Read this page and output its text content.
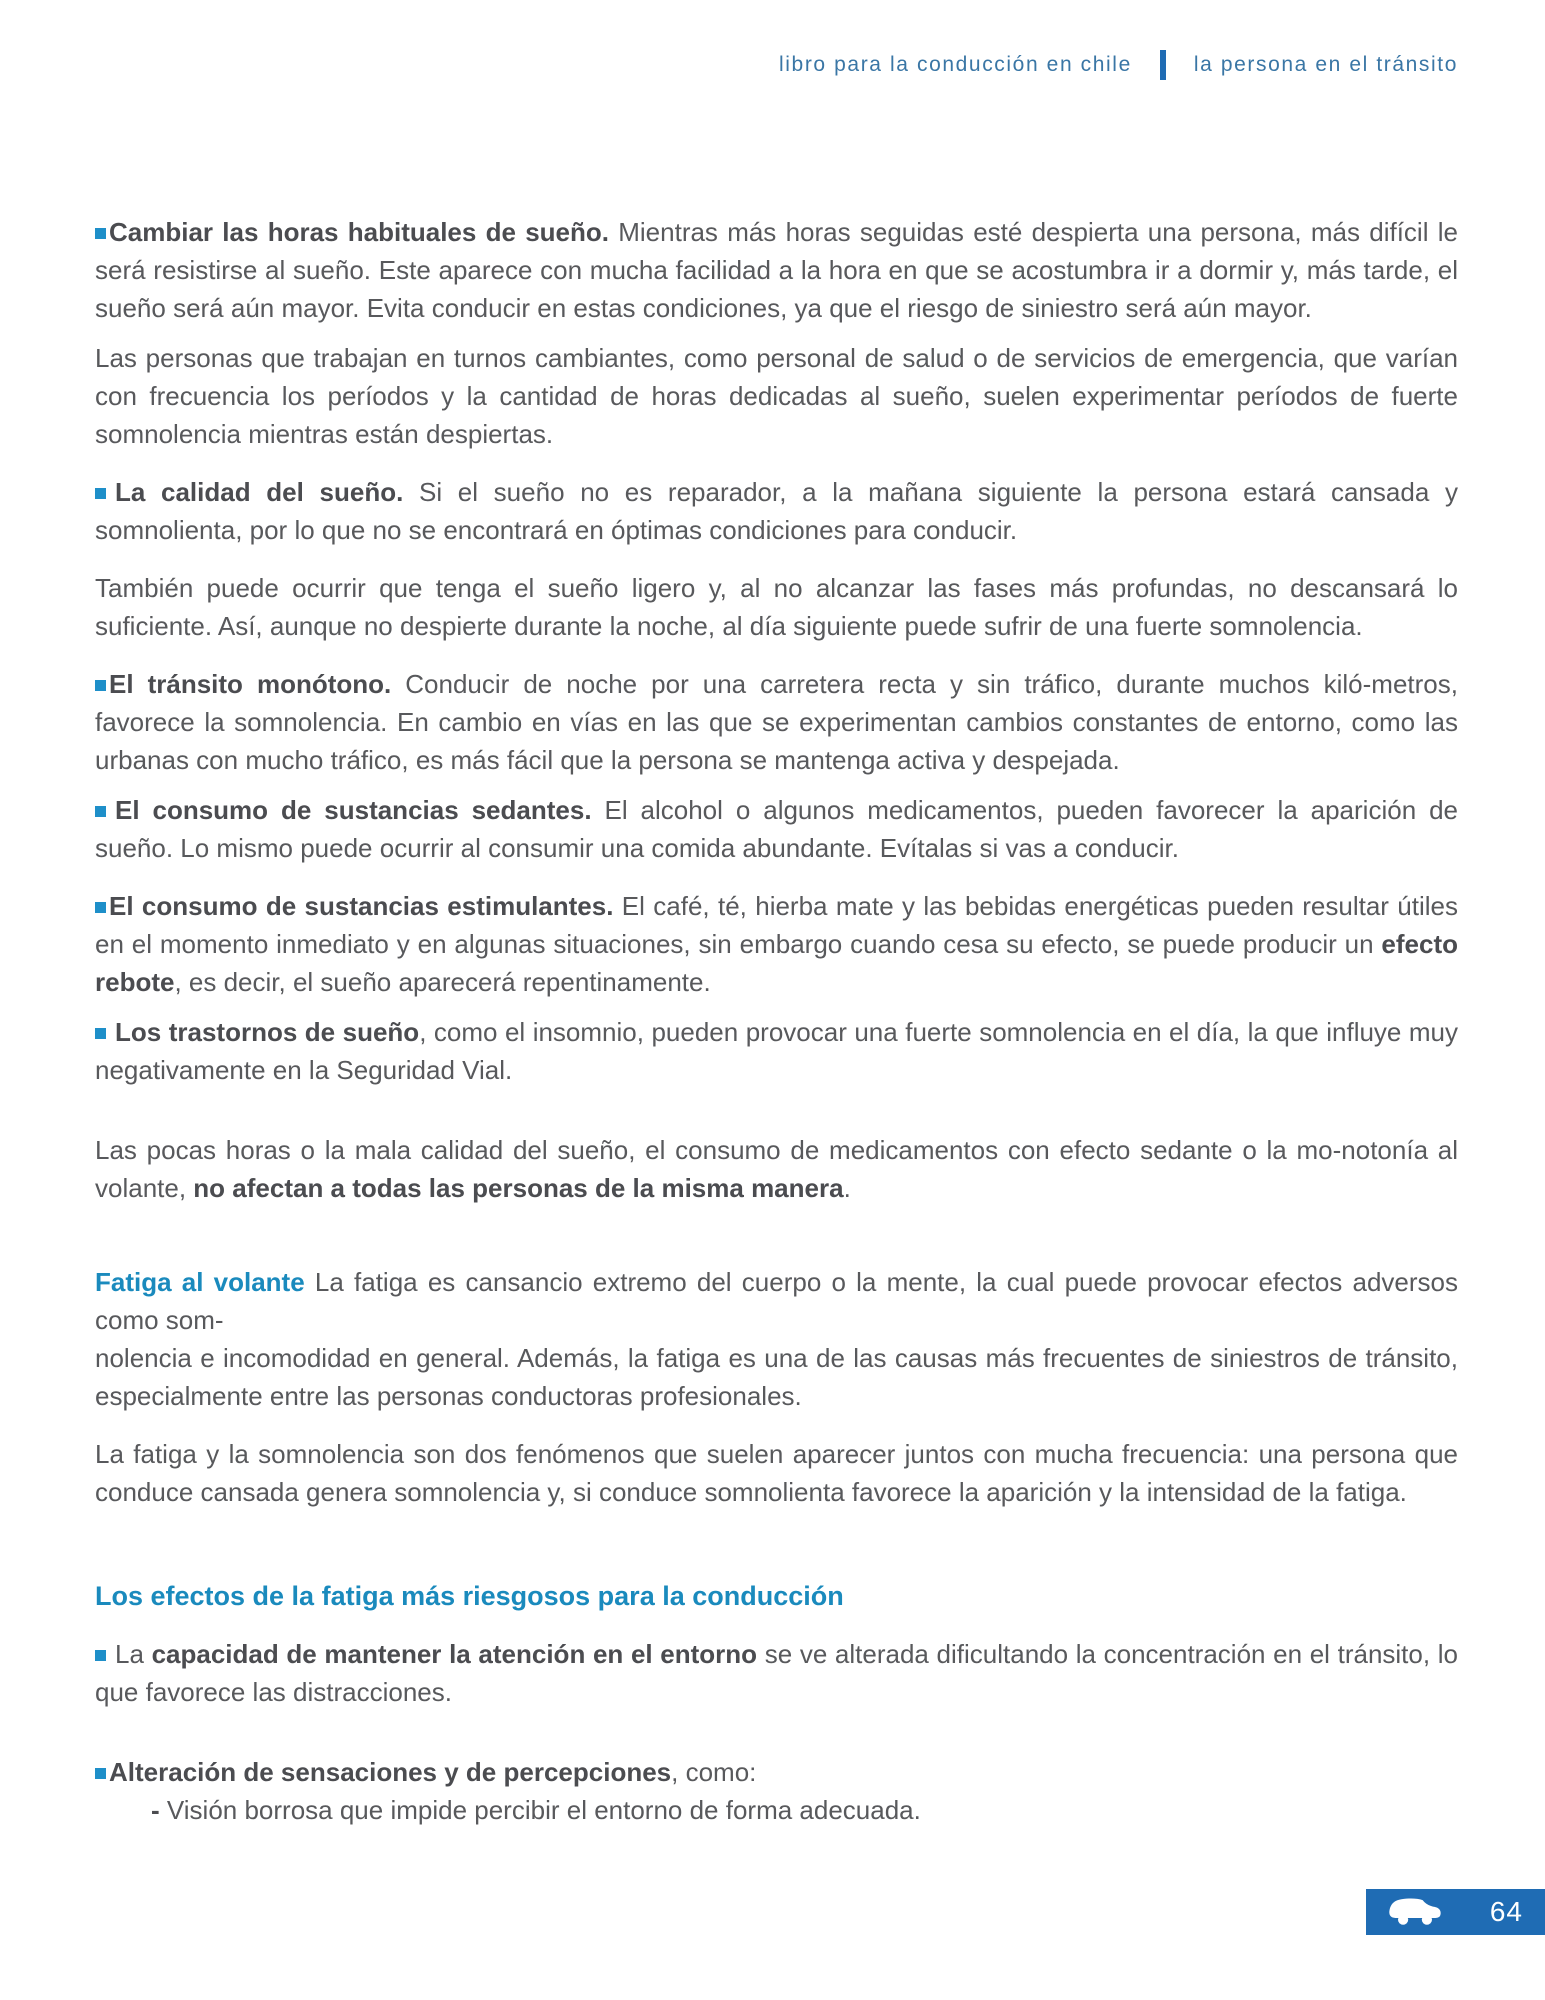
libro para la conducción en chile	la persona en el tránsito
Cambiar las horas habituales de sueño. Mientras más horas seguidas esté despierta una persona, más difícil le será resistirse al sueño. Este aparece con mucha facilidad a la hora en que se acostumbra ir a dormir y, más tarde, el sueño será aún mayor. Evita conducir en estas condiciones, ya que el riesgo de siniestro será aún mayor.
Las personas que trabajan en turnos cambiantes, como personal de salud o de servicios de emergencia, que varían con frecuencia los períodos y la cantidad de horas dedicadas al sueño, suelen experimentar períodos de fuerte somnolencia mientras están despiertas.
La calidad del sueño. Si el sueño no es reparador, a la mañana siguiente la persona estará cansada y somnolienta, por lo que no se encontrará en óptimas condiciones para conducir.
También puede ocurrir que tenga el sueño ligero y, al no alcanzar las fases más profundas, no descansará lo suficiente. Así, aunque no despierte durante la noche, al día siguiente puede sufrir de una fuerte somnolencia.
El tránsito monótono. Conducir de noche por una carretera recta y sin tráfico, durante muchos kiló-metros, favorece la somnolencia. En cambio en vías en las que se experimentan cambios constantes de entorno, como las urbanas con mucho tráfico, es más fácil que la persona se mantenga activa y despejada.
El consumo de sustancias sedantes. El alcohol o algunos medicamentos, pueden favorecer la aparición de sueño. Lo mismo puede ocurrir al consumir una comida abundante. Evítalas si vas a conducir.
El consumo de sustancias estimulantes. El café, té, hierba mate y las bebidas energéticas pueden resultar útiles en el momento inmediato y en algunas situaciones, sin embargo cuando cesa su efecto, se puede producir un efecto rebote, es decir, el sueño aparecerá repentinamente.
Los trastornos de sueño, como el insomnio, pueden provocar una fuerte somnolencia en el día, la que influye muy negativamente en la Seguridad Vial.
Las pocas horas o la mala calidad del sueño, el consumo de medicamentos con efecto sedante o la mo-notonía al volante, no afectan a todas las personas de la misma manera.
Fatiga al volante La fatiga es cansancio extremo del cuerpo o la mente, la cual puede provocar efectos adversos como som-
nolencia e incomodidad en general. Además, la fatiga es una de las causas más frecuentes de siniestros de tránsito, especialmente entre las personas conductoras profesionales.
La fatiga y la somnolencia son dos fenómenos que suelen aparecer juntos con mucha frecuencia: una persona que conduce cansada genera somnolencia y, si conduce somnolienta favorece la aparición y la intensidad de la fatiga.
Los efectos de la fatiga más riesgosos para la conducción
La capacidad de mantener la atención en el entorno se ve alterada dificultando la concentración en el tránsito, lo que favorece las distracciones.
Alteración de sensaciones y de percepciones, como:
- Visión borrosa que impide percibir el entorno de forma adecuada.
64
